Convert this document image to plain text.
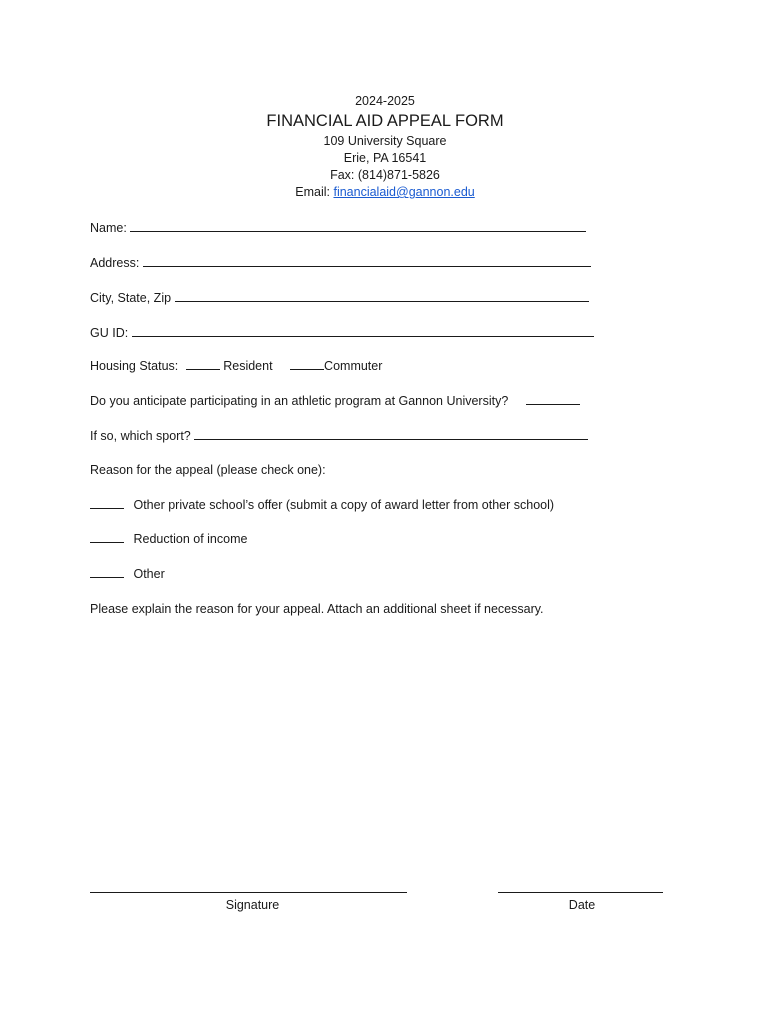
2024-2025
FINANCIAL AID APPEAL FORM
109 University Square
Erie, PA 16541
Fax: (814)871-5826
Email: financialaid@gannon.edu
Name:
Address:
City, State, Zip
GU ID:
Housing Status:	Resident	Commuter
Do you anticipate participating in an athletic program at Gannon University?
If so, which sport?
Reason for the appeal (please check one):
Other private school’s offer (submit a copy of award letter from other school)
Reduction of income
Other
Please explain the reason for your appeal. Attach an additional sheet if necessary.
Signature	Date
